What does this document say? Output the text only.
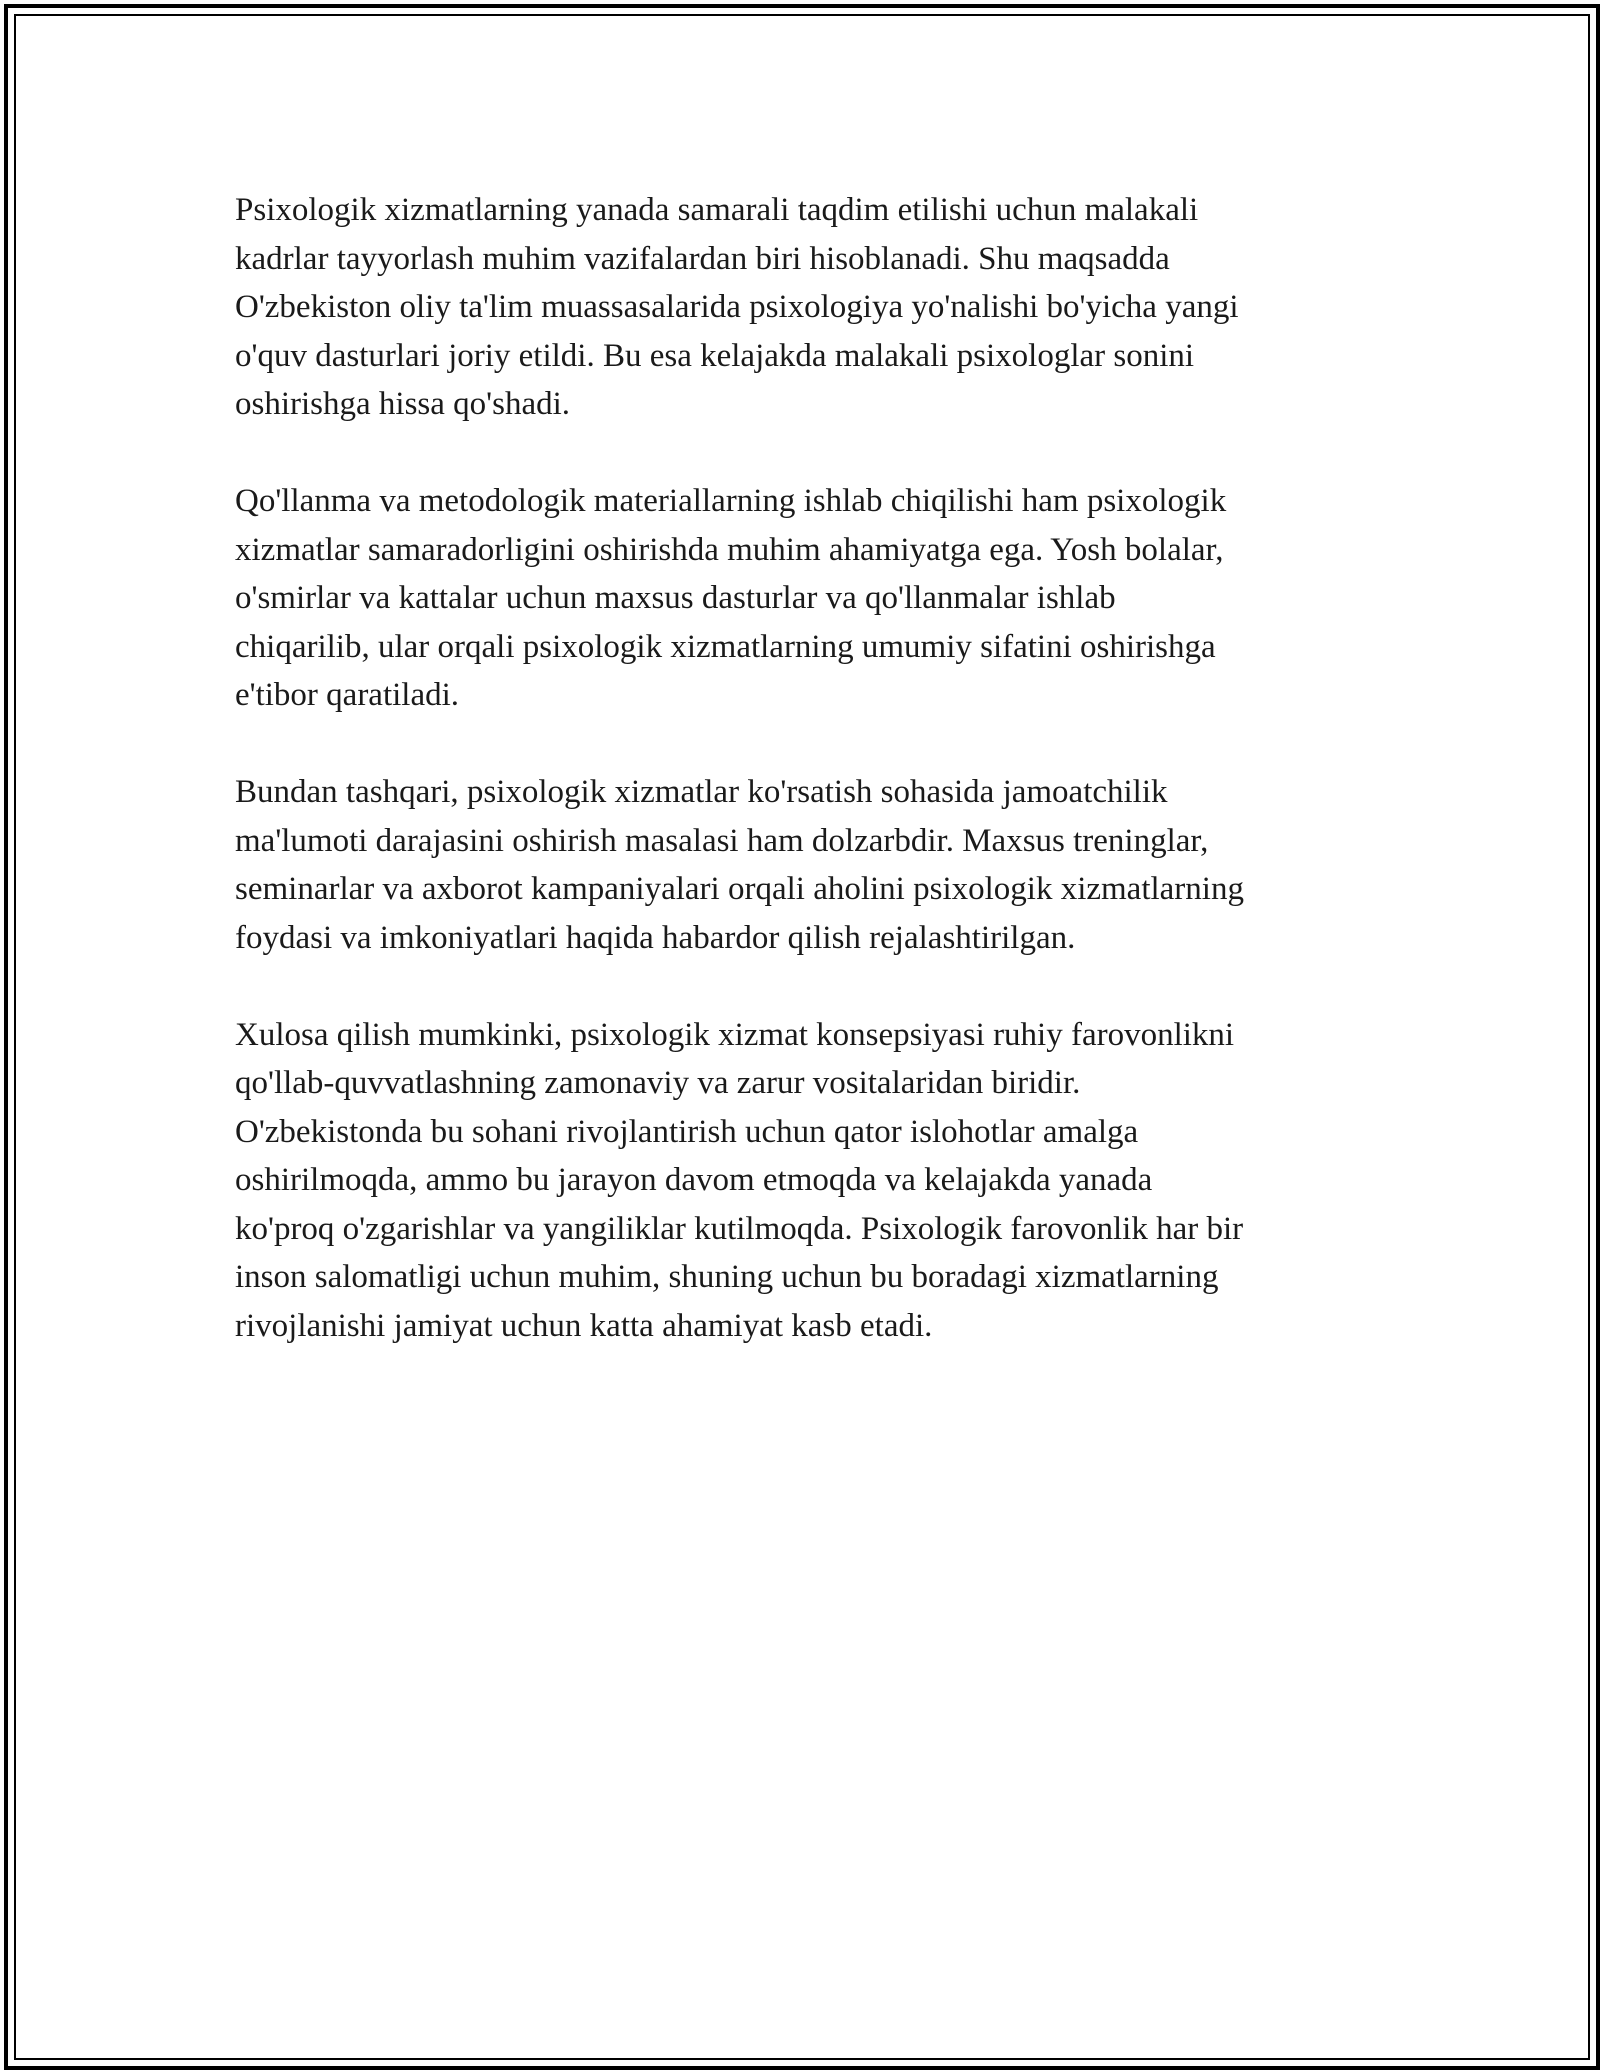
Psixologik xizmatlarning yanada samarali taqdim etilishi uchun malakali
kadrlar tayyorlash muhim vazifalardan biri hisoblanadi. Shu maqsadda
O'zbekiston oliy ta'lim muassasalarida psixologiya yo'nalishi bo'yicha yangi
o'quv dasturlari joriy etildi. Bu esa kelajakda malakali psixologlar sonini
oshirishga hissa qo'shadi.

Qo'llanma va metodologik materiallarning ishlab chiqilishi ham psixologik
xizmatlar samaradorligini oshirishda muhim ahamiyatga ega. Yosh bolalar,
o'smirlar va kattalar uchun maxsus dasturlar va qo'llanmalar ishlab
chiqarilib, ular orqali psixologik xizmatlarning umumiy sifatini oshirishga
e'tibor qaratiladi.

Bundan tashqari, psixologik xizmatlar ko'rsatish sohasida jamoatchilik
ma'lumoti darajasini oshirish masalasi ham dolzarbdir. Maxsus treninglar,
seminarlar va axborot kampaniyalari orqali aholini psixologik xizmatlarning
foydasi va imkoniyatlari haqida habardor qilish rejalashtirilgan.

Xulosa qilish mumkinki, psixologik xizmat konsepsiyasi ruhiy farovonlikni
qo'llab-quvvatlashning zamonaviy va zarur vositalaridan biridir.
O'zbekistonda bu sohani rivojlantirish uchun qator islohotlar amalga
oshirilmoqda, ammo bu jarayon davom etmoqda va kelajakda yanada
ko'proq o'zgarishlar va yangiliklar kutilmoqda. Psixologik farovonlik har bir
inson salomatligi uchun muhim, shuning uchun bu boradagi xizmatlarning
rivojlanishi jamiyat uchun katta ahamiyat kasb etadi.
